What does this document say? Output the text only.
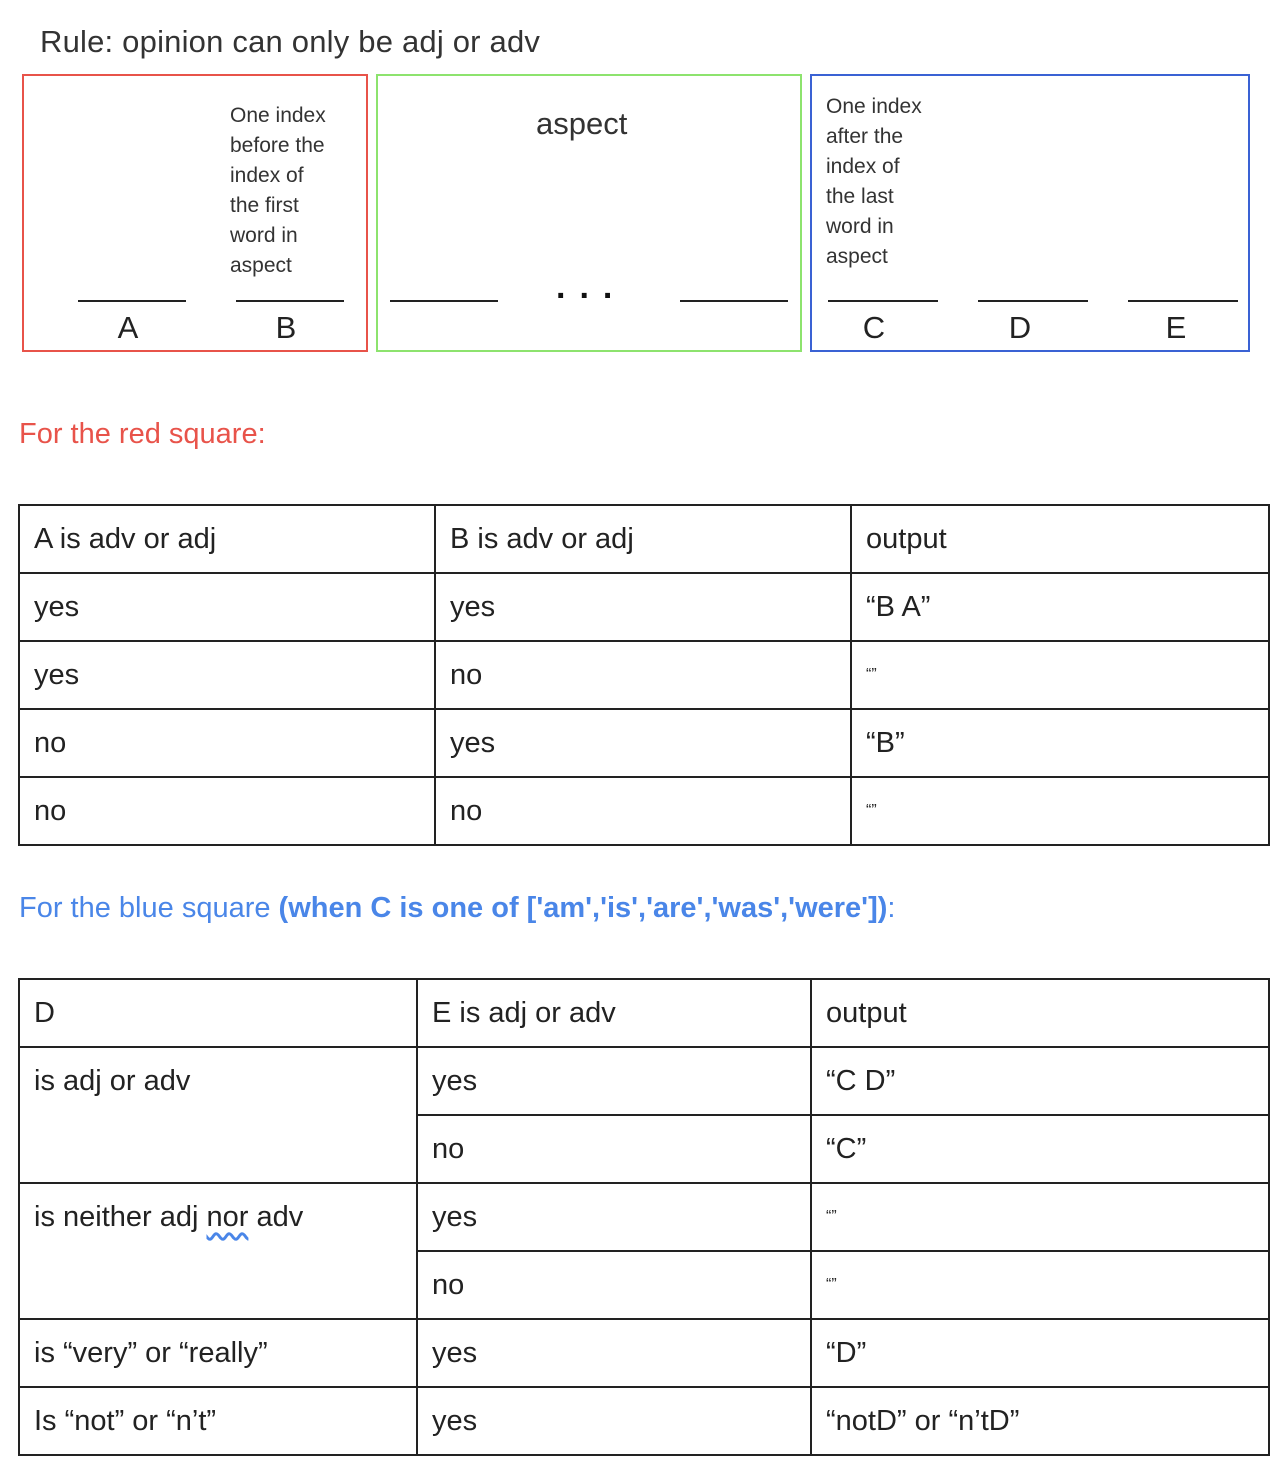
Rule: opinion can only be adj or adv
One index
before the
index of
the first
word in
aspect
A	B
aspect
...
One index
after the
index of
the last
word in
aspect
C	D	E
For the red square:
A is adv or adj	B is adv or adj	output
yes	yes	“B A”
yes	no	“”
no	yes	“B”
no	no	“”
For the blue square (when C is one of ['am','is','are','was','were']):
D	E is adj or adv	output
is adj or adv	yes	“C D”
	no	“C”
is neither adj nor adv	yes	“”
	no	“”
is “very” or “really”	yes	“D”
Is “not” or “n’t”	yes	“notD” or “n’tD”
